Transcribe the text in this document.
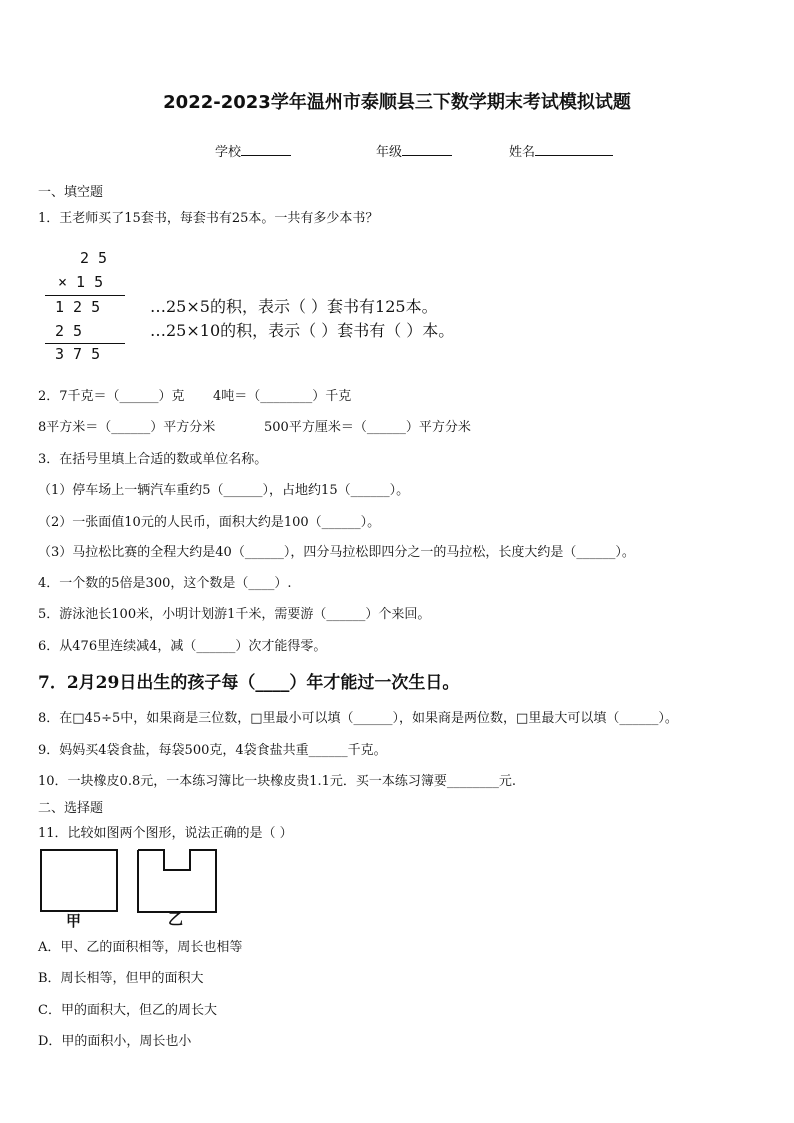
2022-2023学年温州市泰顺县三下数学期末考试模拟试题
学校	年级	姓名
一、填空题
1．王老师买了15套书，每套书有25本。一共有多少本书？
2 5
× 1 5
1 2 5
2 5
3 7 5
…25×5的积，表示（ ）套书有125本。
…25×10的积，表示（ ）套书有（ ）本。
2．7千克＝（______）克 4吨＝（________）千克
8平方米＝（______）平方分米	500平方厘米＝（______）平方分米
3．在括号里填上合适的数或单位名称。
（1）停车场上一辆汽车重约5（______），占地约15（______）。
（2）一张面值10元的人民币，面积大约是100（______）。
（3）马拉松比赛的全程大约是40（______），四分马拉松即四分之一的马拉松，长度大约是（______）。
4．一个数的5倍是300，这个数是（____）.
5．游泳池长100米，小明计划游1千米，需要游（______）个来回。
6．从476里连续减4，减（______）次才能得零。
7．2月29日出生的孩子每（____）年才能过一次生日。
8．在□45÷5中，如果商是三位数，□里最小可以填（______），如果商是两位数，□里最大可以填（______）。
9．妈妈买4袋食盐，每袋500克，4袋食盐共重______千克。
10．一块橡皮0.8元，一本练习簿比一块橡皮贵1.1元．买一本练习簿要________元.
二、选择题
11．比较如图两个图形，说法正确的是（ ）
甲	乙
A．甲、乙的面积相等，周长也相等
B．周长相等，但甲的面积大
C．甲的面积大，但乙的周长大
D．甲的面积小，周长也小
